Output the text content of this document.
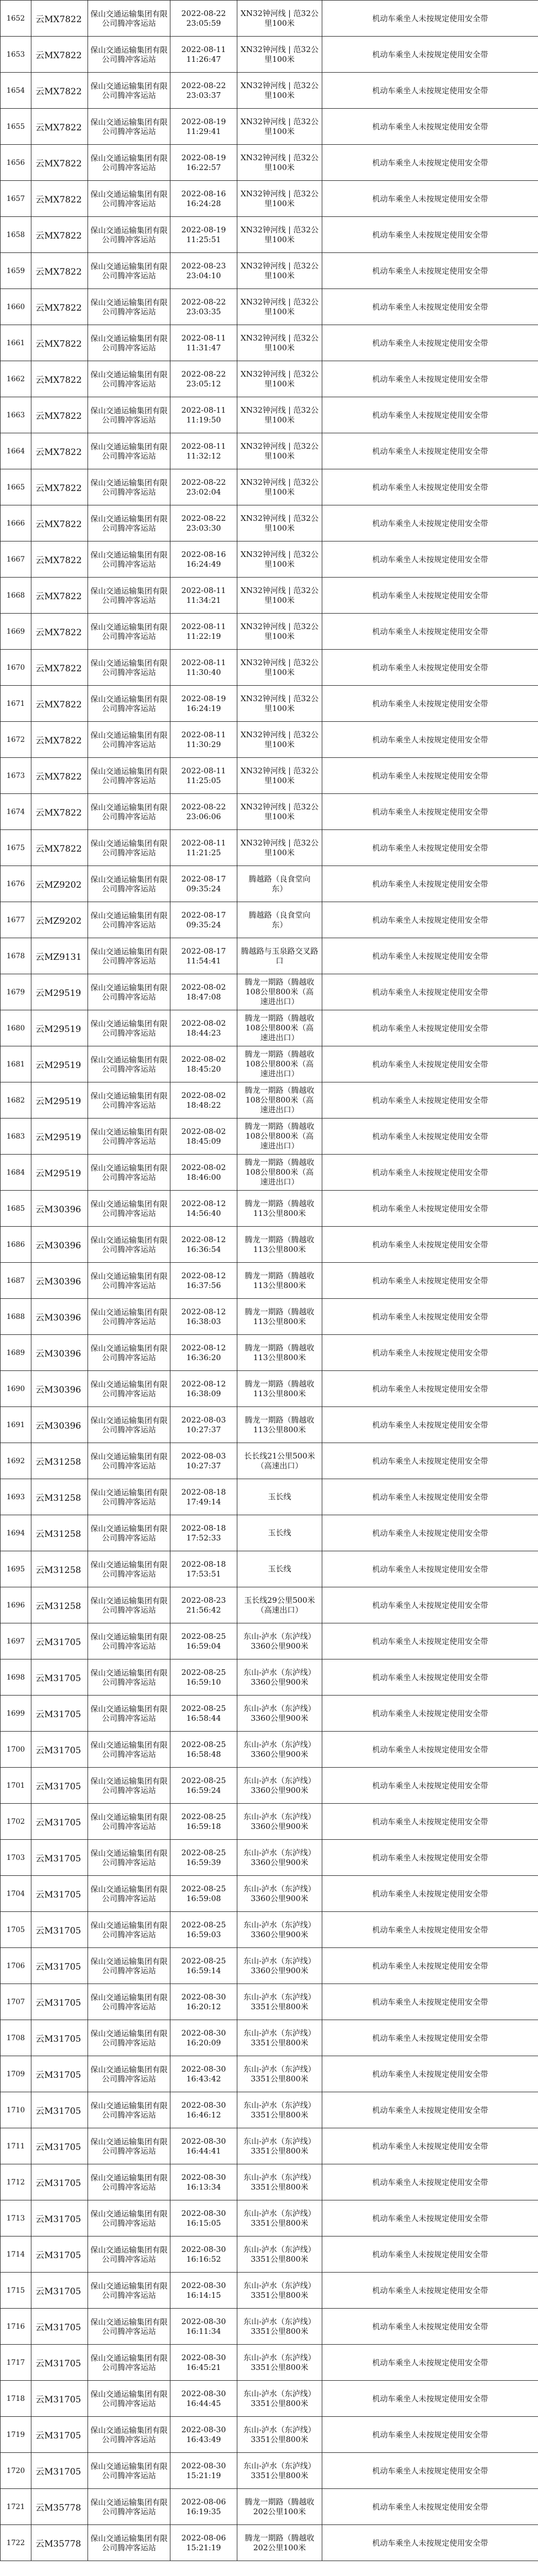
1652	云MX7822	保山交通运输集团有限公司腾冲客运站	2022-08-22
23:05:59	XN32钟河线 | 范32公
里100米	机动车乘坐人未按规定使用安全带
1653	云MX7822	保山交通运输集团有限公司腾冲客运站	2022-08-11
11:26:47	XN32钟河线 | 范32公
里100米	机动车乘坐人未按规定使用安全带
1654	云MX7822	保山交通运输集团有限公司腾冲客运站	2022-08-22
23:03:37	XN32钟河线 | 范32公
里100米	机动车乘坐人未按规定使用安全带
1655	云MX7822	保山交通运输集团有限公司腾冲客运站	2022-08-19
11:29:41	XN32钟河线 | 范32公
里100米	机动车乘坐人未按规定使用安全带
1656	云MX7822	保山交通运输集团有限公司腾冲客运站	2022-08-19
16:22:57	XN32钟河线 | 范32公
里100米	机动车乘坐人未按规定使用安全带
1657	云MX7822	保山交通运输集团有限公司腾冲客运站	2022-08-16
16:24:28	XN32钟河线 | 范32公
里100米	机动车乘坐人未按规定使用安全带
1658	云MX7822	保山交通运输集团有限公司腾冲客运站	2022-08-19
11:25:51	XN32钟河线 | 范32公
里100米	机动车乘坐人未按规定使用安全带
1659	云MX7822	保山交通运输集团有限公司腾冲客运站	2022-08-23
23:04:10	XN32钟河线 | 范32公
里100米	机动车乘坐人未按规定使用安全带
1660	云MX7822	保山交通运输集团有限公司腾冲客运站	2022-08-22
23:03:35	XN32钟河线 | 范32公
里100米	机动车乘坐人未按规定使用安全带
1661	云MX7822	保山交通运输集团有限公司腾冲客运站	2022-08-11
11:31:47	XN32钟河线 | 范32公
里100米	机动车乘坐人未按规定使用安全带
1662	云MX7822	保山交通运输集团有限公司腾冲客运站	2022-08-22
23:05:12	XN32钟河线 | 范32公
里100米	机动车乘坐人未按规定使用安全带
1663	云MX7822	保山交通运输集团有限公司腾冲客运站	2022-08-11
11:19:50	XN32钟河线 | 范32公
里100米	机动车乘坐人未按规定使用安全带
1664	云MX7822	保山交通运输集团有限公司腾冲客运站	2022-08-11
11:32:12	XN32钟河线 | 范32公
里100米	机动车乘坐人未按规定使用安全带
1665	云MX7822	保山交通运输集团有限公司腾冲客运站	2022-08-22
23:02:04	XN32钟河线 | 范32公
里100米	机动车乘坐人未按规定使用安全带
1666	云MX7822	保山交通运输集团有限公司腾冲客运站	2022-08-22
23:03:30	XN32钟河线 | 范32公
里100米	机动车乘坐人未按规定使用安全带
1667	云MX7822	保山交通运输集团有限公司腾冲客运站	2022-08-16
16:24:49	XN32钟河线 | 范32公
里100米	机动车乘坐人未按规定使用安全带
1668	云MX7822	保山交通运输集团有限公司腾冲客运站	2022-08-11
11:34:21	XN32钟河线 | 范32公
里100米	机动车乘坐人未按规定使用安全带
1669	云MX7822	保山交通运输集团有限公司腾冲客运站	2022-08-11
11:22:19	XN32钟河线 | 范32公
里100米	机动车乘坐人未按规定使用安全带
1670	云MX7822	保山交通运输集团有限公司腾冲客运站	2022-08-11
11:30:40	XN32钟河线 | 范32公
里100米	机动车乘坐人未按规定使用安全带
1671	云MX7822	保山交通运输集团有限公司腾冲客运站	2022-08-19
16:24:19	XN32钟河线 | 范32公
里100米	机动车乘坐人未按规定使用安全带
1672	云MX7822	保山交通运输集团有限公司腾冲客运站	2022-08-11
11:30:29	XN32钟河线 | 范32公
里100米	机动车乘坐人未按规定使用安全带
1673	云MX7822	保山交通运输集团有限公司腾冲客运站	2022-08-11
11:25:05	XN32钟河线 | 范32公
里100米	机动车乘坐人未按规定使用安全带
1674	云MX7822	保山交通运输集团有限公司腾冲客运站	2022-08-22
23:06:06	XN32钟河线 | 范32公
里100米	机动车乘坐人未按规定使用安全带
1675	云MX7822	保山交通运输集团有限公司腾冲客运站	2022-08-11
11:21:25	XN32钟河线 | 范32公
里100米	机动车乘坐人未按规定使用安全带
1676	云MZ9202	保山交通运输集团有限公司腾冲客运站	2022-08-17
09:35:24	腾越路（良食堂向
东）	机动车乘坐人未按规定使用安全带
1677	云MZ9202	保山交通运输集团有限公司腾冲客运站	2022-08-17
09:35:24	腾越路（良食堂向
东）	机动车乘坐人未按规定使用安全带
1678	云MZ9131	保山交通运输集团有限公司腾冲客运站	2022-08-17
11:54:41	腾越路与玉泉路交叉路
口	机动车乘坐人未按规定使用安全带
1679	云M29519	保山交通运输集团有限公司腾冲客运站	2022-08-02
18:47:08	腾龙一期路（腾越收
108公里800米（高
速进出口）	机动车乘坐人未按规定使用安全带
1680	云M29519	保山交通运输集团有限公司腾冲客运站	2022-08-02
18:44:23	腾龙一期路（腾越收
108公里800米（高
速进出口）	机动车乘坐人未按规定使用安全带
1681	云M29519	保山交通运输集团有限公司腾冲客运站	2022-08-02
18:45:20	腾龙一期路（腾越收
108公里800米（高
速进出口）	机动车乘坐人未按规定使用安全带
1682	云M29519	保山交通运输集团有限公司腾冲客运站	2022-08-02
18:48:22	腾龙一期路（腾越收
108公里800米（高
速进出口）	机动车乘坐人未按规定使用安全带
1683	云M29519	保山交通运输集团有限公司腾冲客运站	2022-08-02
18:45:09	腾龙一期路（腾越收
108公里800米（高
速进出口）	机动车乘坐人未按规定使用安全带
1684	云M29519	保山交通运输集团有限公司腾冲客运站	2022-08-02
18:46:00	腾龙一期路（腾越收
108公里800米（高
速进出口）	机动车乘坐人未按规定使用安全带
1685	云M30396	保山交通运输集团有限公司腾冲客运站	2022-08-12
14:56:40	腾龙一期路（腾越收
113公里800米	机动车乘坐人未按规定使用安全带
1686	云M30396	保山交通运输集团有限公司腾冲客运站	2022-08-12
16:36:54	腾龙一期路（腾越收
113公里800米	机动车乘坐人未按规定使用安全带
1687	云M30396	保山交通运输集团有限公司腾冲客运站	2022-08-12
16:37:56	腾龙一期路（腾越收
113公里800米	机动车乘坐人未按规定使用安全带
1688	云M30396	保山交通运输集团有限公司腾冲客运站	2022-08-12
16:38:03	腾龙一期路（腾越收
113公里800米	机动车乘坐人未按规定使用安全带
1689	云M30396	保山交通运输集团有限公司腾冲客运站	2022-08-12
16:36:20	腾龙一期路（腾越收
113公里800米	机动车乘坐人未按规定使用安全带
1690	云M30396	保山交通运输集团有限公司腾冲客运站	2022-08-12
16:38:09	腾龙一期路（腾越收
113公里800米	机动车乘坐人未按规定使用安全带
1691	云M30396	保山交通运输集团有限公司腾冲客运站	2022-08-03
10:27:37	腾龙一期路（腾越收
113公里800米	机动车乘坐人未按规定使用安全带
1692	云M31258	保山交通运输集团有限公司腾冲客运站	2022-08-03
10:27:37	长长线21公里500米
（高速出口）	机动车乘坐人未按规定使用安全带
1693	云M31258	保山交通运输集团有限公司腾冲客运站	2022-08-18
17:49:14	玉长线	机动车乘坐人未按规定使用安全带
1694	云M31258	保山交通运输集团有限公司腾冲客运站	2022-08-18
17:52:33	玉长线	机动车乘坐人未按规定使用安全带
1695	云M31258	保山交通运输集团有限公司腾冲客运站	2022-08-18
17:53:51	玉长线	机动车乘坐人未按规定使用安全带
1696	云M31258	保山交通运输集团有限公司腾冲客运站	2022-08-23
21:56:42	玉长线29公里500米
（高速出口）	机动车乘坐人未按规定使用安全带
1697	云M31705	保山交通运输集团有限公司腾冲客运站	2022-08-25
16:59:04	东山-泸水（东泸线）
3360公里900米	机动车乘坐人未按规定使用安全带
1698	云M31705	保山交通运输集团有限公司腾冲客运站	2022-08-25
16:59:10	东山-泸水（东泸线）
3360公里900米	机动车乘坐人未按规定使用安全带
1699	云M31705	保山交通运输集团有限公司腾冲客运站	2022-08-25
16:58:44	东山-泸水（东泸线）
3360公里900米	机动车乘坐人未按规定使用安全带
1700	云M31705	保山交通运输集团有限公司腾冲客运站	2022-08-25
16:58:48	东山-泸水（东泸线）
3360公里900米	机动车乘坐人未按规定使用安全带
1701	云M31705	保山交通运输集团有限公司腾冲客运站	2022-08-25
16:59:24	东山-泸水（东泸线）
3360公里900米	机动车乘坐人未按规定使用安全带
1702	云M31705	保山交通运输集团有限公司腾冲客运站	2022-08-25
16:59:18	东山-泸水（东泸线）
3360公里900米	机动车乘坐人未按规定使用安全带
1703	云M31705	保山交通运输集团有限公司腾冲客运站	2022-08-25
16:59:39	东山-泸水（东泸线）
3360公里900米	机动车乘坐人未按规定使用安全带
1704	云M31705	保山交通运输集团有限公司腾冲客运站	2022-08-25
16:59:08	东山-泸水（东泸线）
3360公里900米	机动车乘坐人未按规定使用安全带
1705	云M31705	保山交通运输集团有限公司腾冲客运站	2022-08-25
16:59:03	东山-泸水（东泸线）
3360公里900米	机动车乘坐人未按规定使用安全带
1706	云M31705	保山交通运输集团有限公司腾冲客运站	2022-08-25
16:59:14	东山-泸水（东泸线）
3360公里900米	机动车乘坐人未按规定使用安全带
1707	云M31705	保山交通运输集团有限公司腾冲客运站	2022-08-30
16:20:12	东山-泸水（东泸线）
3351公里800米	机动车乘坐人未按规定使用安全带
1708	云M31705	保山交通运输集团有限公司腾冲客运站	2022-08-30
16:20:09	东山-泸水（东泸线）
3351公里800米	机动车乘坐人未按规定使用安全带
1709	云M31705	保山交通运输集团有限公司腾冲客运站	2022-08-30
16:43:42	东山-泸水（东泸线）
3351公里800米	机动车乘坐人未按规定使用安全带
1710	云M31705	保山交通运输集团有限公司腾冲客运站	2022-08-30
16:46:12	东山-泸水（东泸线）
3351公里800米	机动车乘坐人未按规定使用安全带
1711	云M31705	保山交通运输集团有限公司腾冲客运站	2022-08-30
16:44:41	东山-泸水（东泸线）
3351公里800米	机动车乘坐人未按规定使用安全带
1712	云M31705	保山交通运输集团有限公司腾冲客运站	2022-08-30
16:13:34	东山-泸水（东泸线）
3351公里800米	机动车乘坐人未按规定使用安全带
1713	云M31705	保山交通运输集团有限公司腾冲客运站	2022-08-30
16:15:05	东山-泸水（东泸线）
3351公里800米	机动车乘坐人未按规定使用安全带
1714	云M31705	保山交通运输集团有限公司腾冲客运站	2022-08-30
16:16:52	东山-泸水（东泸线）
3351公里800米	机动车乘坐人未按规定使用安全带
1715	云M31705	保山交通运输集团有限公司腾冲客运站	2022-08-30
16:14:15	东山-泸水（东泸线）
3351公里800米	机动车乘坐人未按规定使用安全带
1716	云M31705	保山交通运输集团有限公司腾冲客运站	2022-08-30
16:11:34	东山-泸水（东泸线）
3351公里800米	机动车乘坐人未按规定使用安全带
1717	云M31705	保山交通运输集团有限公司腾冲客运站	2022-08-30
16:45:21	东山-泸水（东泸线）
3351公里800米	机动车乘坐人未按规定使用安全带
1718	云M31705	保山交通运输集团有限公司腾冲客运站	2022-08-30
16:44:45	东山-泸水（东泸线）
3351公里800米	机动车乘坐人未按规定使用安全带
1719	云M31705	保山交通运输集团有限公司腾冲客运站	2022-08-30
16:43:49	东山-泸水（东泸线）
3351公里800米	机动车乘坐人未按规定使用安全带
1720	云M31705	保山交通运输集团有限公司腾冲客运站	2022-08-30
15:21:19	东山-泸水（东泸线）
3351公里800米	机动车乘坐人未按规定使用安全带
1721	云M35778	保山交通运输集团有限公司腾冲客运站	2022-08-06
16:19:35	腾龙一期路（腾越收
202公里100米	机动车乘坐人未按规定使用安全带
1722	云M35778	保山交通运输集团有限公司腾冲客运站	2022-08-06
15:21:19	腾龙一期路（腾越收
202公里100米	机动车乘坐人未按规定使用安全带
